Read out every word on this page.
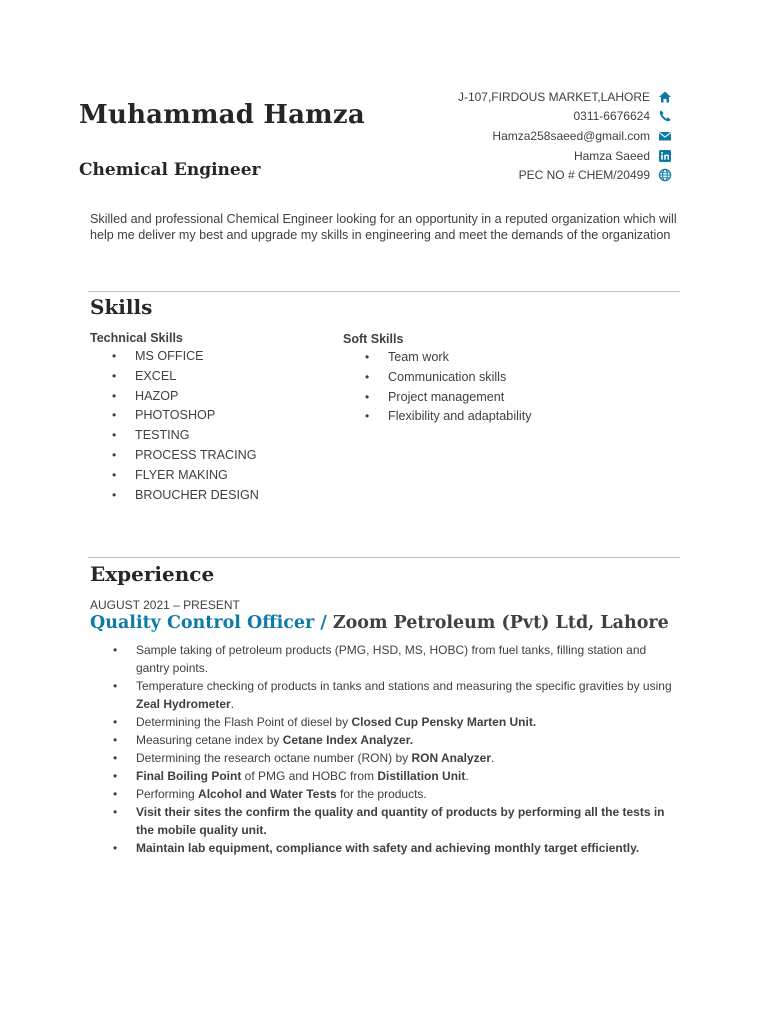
Muhammad Hamza
Chemical Engineer
J-107,FIRDOUS MARKET,LAHORE
0311-6676624
Hamza258saeed@gmail.com
Hamza Saeed
PEC NO # CHEM/20499

Skilled and professional Chemical Engineer looking for an opportunity in a reputed organization which will help me deliver my best and upgrade my skills in engineering and meet the demands of the organization

Skills
Technical Skills
• MS OFFICE
• EXCEL
• HAZOP
• PHOTOSHOP
• TESTING
• PROCESS TRACING
• FLYER MAKING
• BROUCHER DESIGN
Soft Skills
• Team work
• Communication skills
• Project management
• Flexibility and adaptability
Experience

AUGUST 2021 – PRESENT

Quality Control Officer / Zoom Petroleum (Pvt) Ltd, Lahore

• Sample taking of petroleum products (PMG, HSD, MS, HOBC) from fuel tanks, filling station and gantry points.
• Temperature checking of products in tanks and stations and measuring the specific gravities by using Zeal Hydrometer.
• Determining the Flash Point of diesel by Closed Cup Pensky Marten Unit.
• Measuring cetane index by Cetane Index Analyzer.
• Determining the research octane number (RON) by RON Analyzer.
• Final Boiling Point of PMG and HOBC from Distillation Unit.
• Performing Alcohol and Water Tests for the products.
• Visit their sites the confirm the quality and quantity of products by performing all the tests in the mobile quality unit.
• Maintain lab equipment, compliance with safety and achieving monthly target efficiently.
